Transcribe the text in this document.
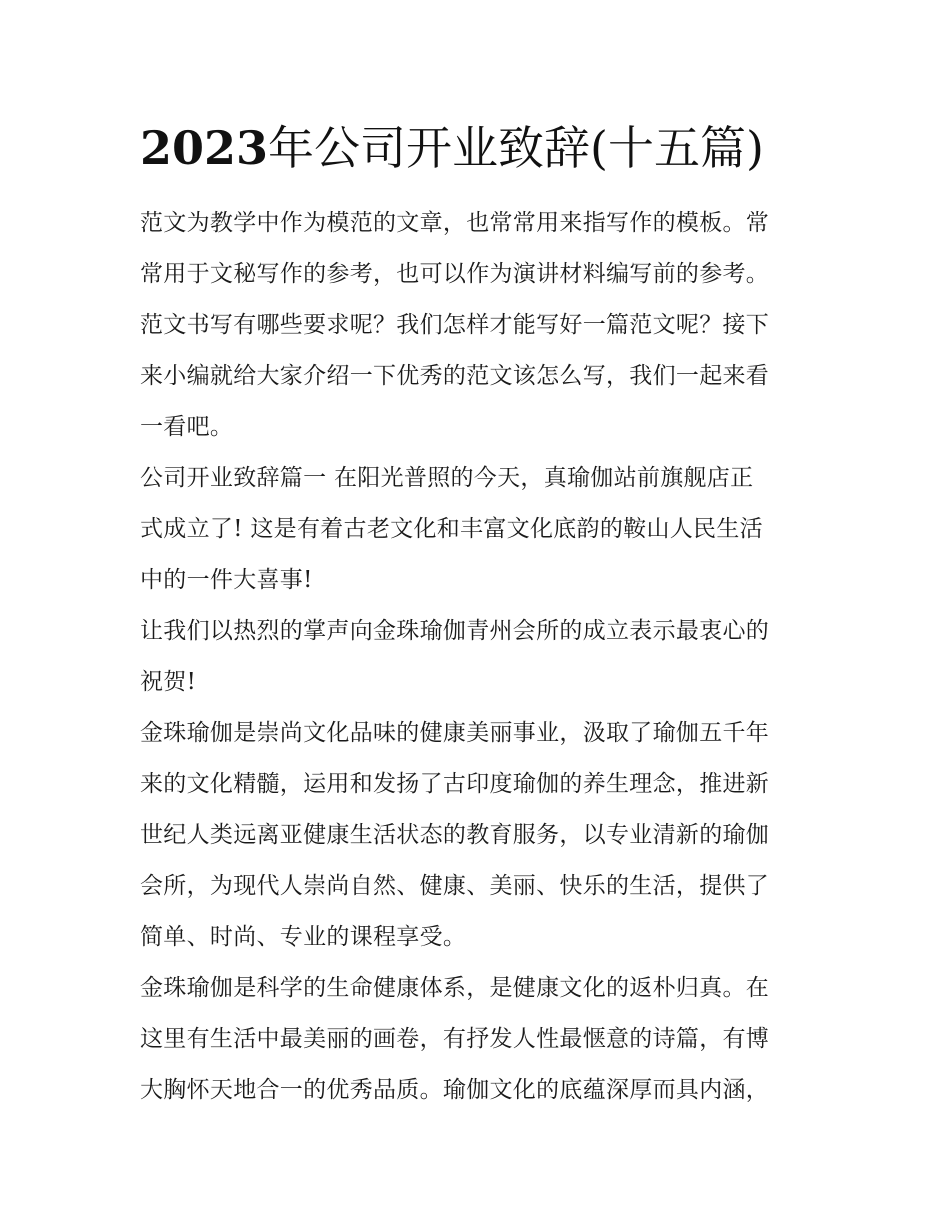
2023年公司开业致辞(十五篇)
范文为教学中作为模范的文章，也常常用来指写作的模板。常
常用于文秘写作的参考，也可以作为演讲材料编写前的参考。
范文书写有哪些要求呢？我们怎样才能写好一篇范文呢？接下
来小编就给大家介绍一下优秀的范文该怎么写，我们一起来看
一看吧。
公司开业致辞篇一 在阳光普照的今天，真瑜伽站前旗舰店正
式成立了! 这是有着古老文化和丰富文化底韵的鞍山人民生活
中的一件大喜事!
让我们以热烈的掌声向金珠瑜伽青州会所的成立表示最衷心的
祝贺!
金珠瑜伽是崇尚文化品味的健康美丽事业，汲取了瑜伽五千年
来的文化精髓，运用和发扬了古印度瑜伽的养生理念，推进新
世纪人类远离亚健康生活状态的教育服务，以专业清新的瑜伽
会所，为现代人崇尚自然、健康、美丽、快乐的生活，提供了
简单、时尚、专业的课程享受。
金珠瑜伽是科学的生命健康体系，是健康文化的返朴归真。在
这里有生活中最美丽的画卷，有抒发人性最惬意的诗篇，有博
大胸怀天地合一的优秀品质。瑜伽文化的底蕴深厚而具内涵，
